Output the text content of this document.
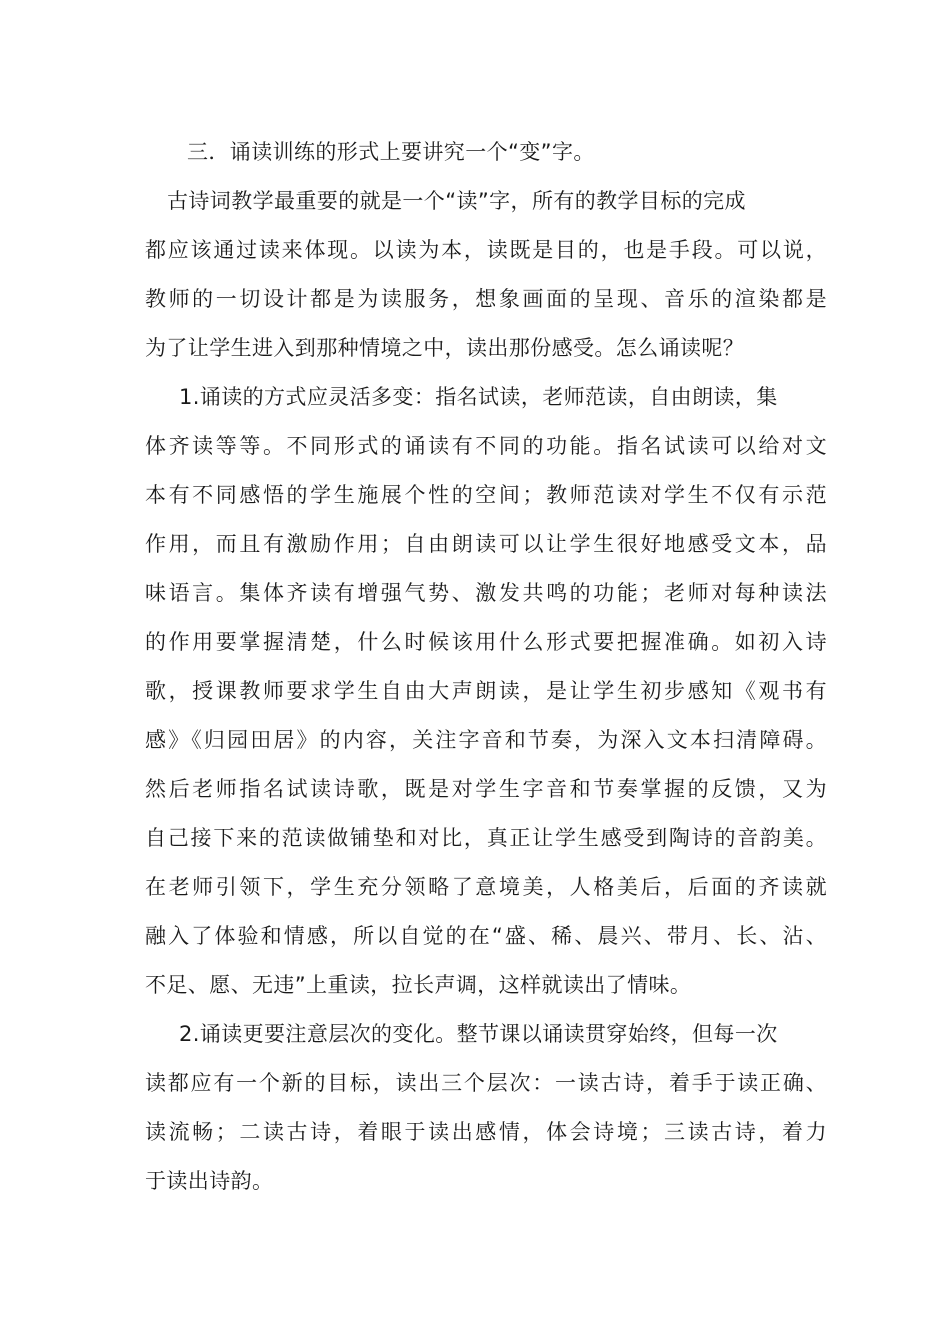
三．诵读训练的形式上要讲究一个“变”字。
古诗词教学最重要的就是一个“读”字，所有的教学目标的完成
都应该通过读来体现。以读为本，读既是目的，也是手段。可以说，
教师的一切设计都是为读服务，想象画面的呈现、音乐的渲染都是
为了让学生进入到那种情境之中，读出那份感受。怎么诵读呢？
1.诵读的方式应灵活多变：指名试读，老师范读，自由朗读，集
体齐读等等。不同形式的诵读有不同的功能。指名试读可以给对文
本有不同感悟的学生施展个性的空间；教师范读对学生不仅有示范
作用，而且有激励作用；自由朗读可以让学生很好地感受文本，品
味语言。集体齐读有增强气势、激发共鸣的功能；老师对每种读法
的作用要掌握清楚，什么时候该用什么形式要把握准确。如初入诗
歌，授课教师要求学生自由大声朗读，是让学生初步感知《观书有
感》《归园田居》的内容，关注字音和节奏，为深入文本扫清障碍。
然后老师指名试读诗歌，既是对学生字音和节奏掌握的反馈，又为
自己接下来的范读做铺垫和对比，真正让学生感受到陶诗的音韵美。
在老师引领下，学生充分领略了意境美，人格美后，后面的齐读就
融入了体验和情感，所以自觉的在“盛、稀、晨兴、带月、长、沾、
不足、愿、无违”上重读，拉长声调，这样就读出了情味。
2.诵读更要注意层次的变化。整节课以诵读贯穿始终，但每一次
读都应有一个新的目标，读出三个层次：一读古诗，着手于读正确、
读流畅；二读古诗，着眼于读出感情，体会诗境；三读古诗，着力
于读出诗韵。
